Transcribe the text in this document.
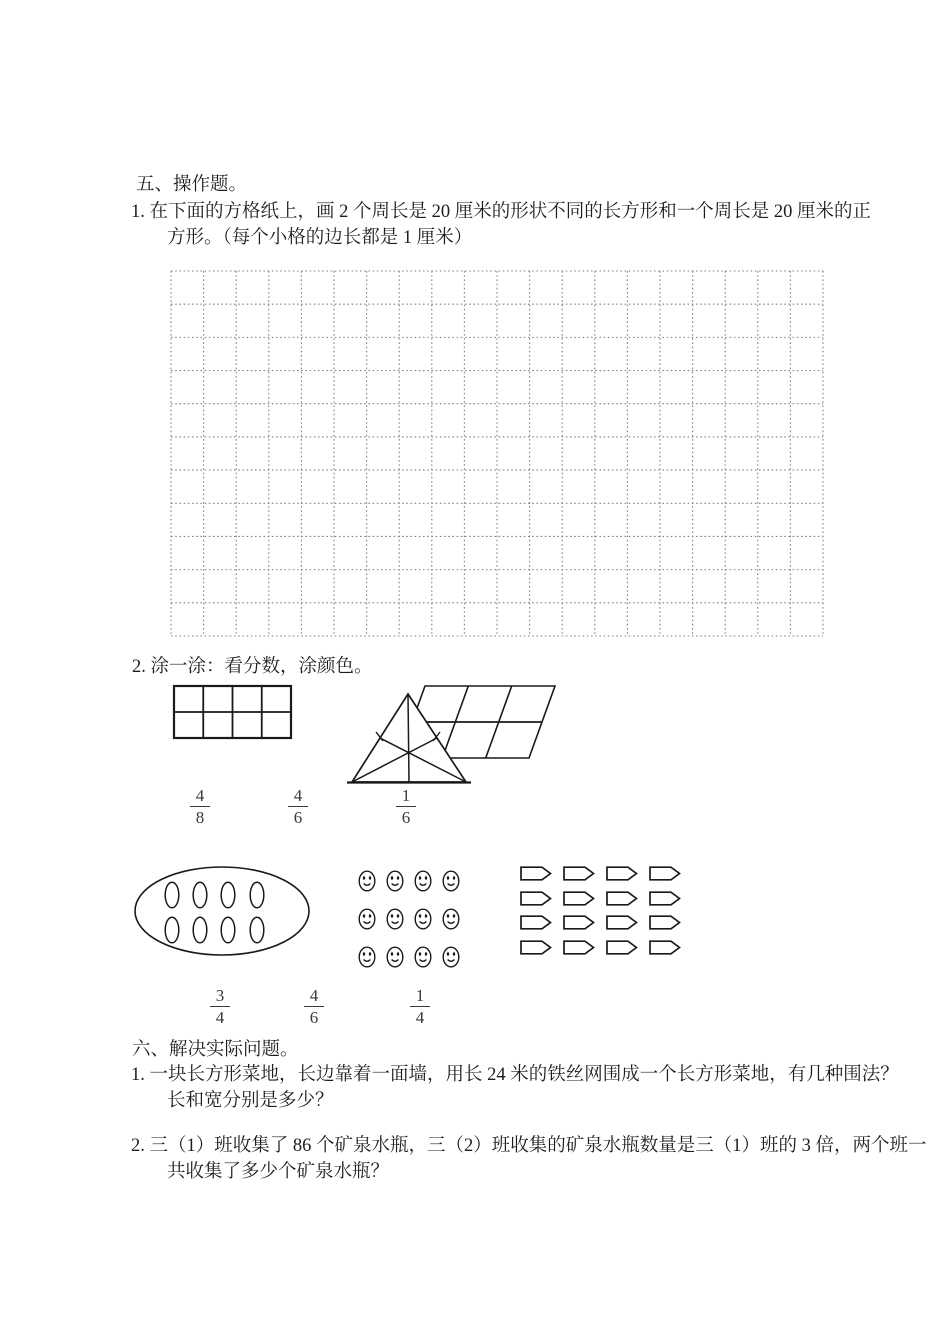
五、操作题。
1. 在下面的方格纸上，画 2 个周长是 20 厘米的形状不同的长方形和一个周长是 20 厘米的正
方形。（每个小格的边长都是 1 厘米）
2. 涂一涂：看分数，涂颜色。
$\frac{4}{8}$	$\frac{4}{6}$	$\frac{1}{6}$
$\frac{3}{4}$	$\frac{4}{6}$	$\frac{1}{4}$
六、解决实际问题。
1. 一块长方形菜地，长边靠着一面墙，用长 24 米的铁丝网围成一个长方形菜地，有几种围法？
长和宽分别是多少？
2. 三（1）班收集了 86 个矿泉水瓶，三（2）班收集的矿泉水瓶数量是三（1）班的 3 倍，两个班一
共收集了多少个矿泉水瓶？
